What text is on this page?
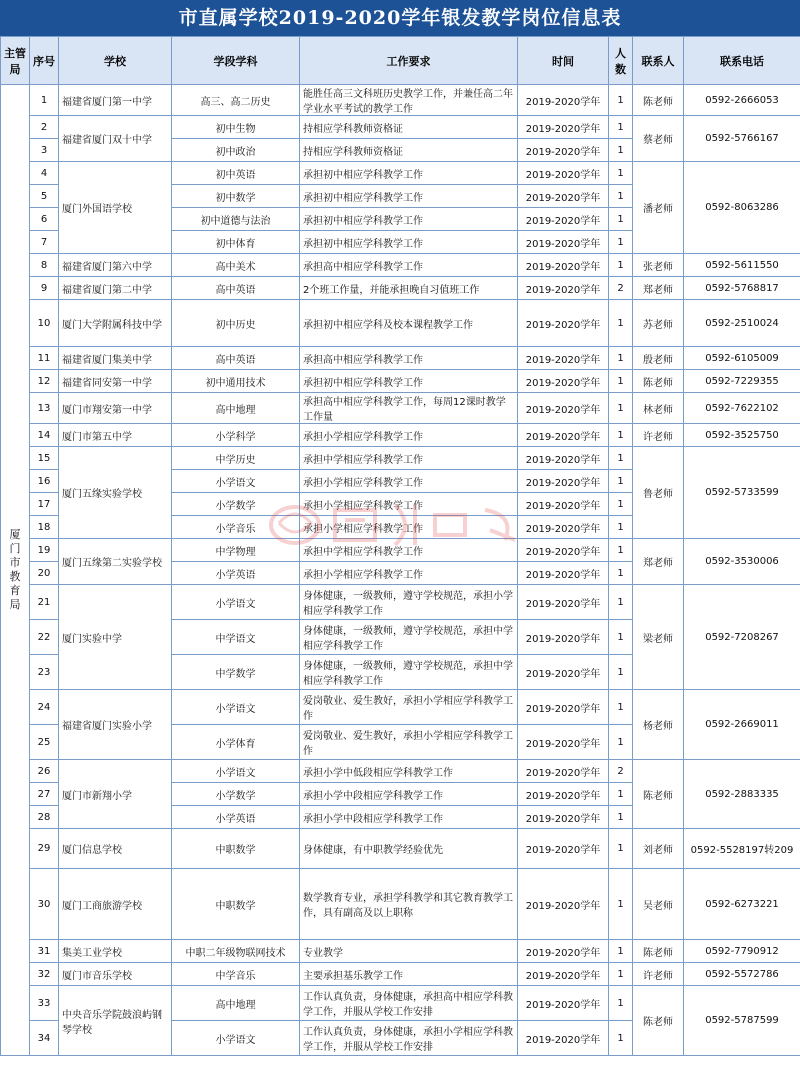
市直属学校2019-2020学年银发教学岗位信息表
主管局	序号	学校	学段学科	工作要求	时间	人数	联系人	联系电话
厦门市教育局	1	福建省厦门第一中学	高三、高二历史	能胜任高三文科班历史教学工作，并兼任高二年学业水平考试的教学工作	2019-2020学年	1	陈老师	0592-2666053
	2	福建省厦门双十中学	初中生物	持相应学科教师资格证	2019-2020学年	1	蔡老师	0592-5766167
	3		初中政治	持相应学科教师资格证	2019-2020学年	1		
	4	厦门外国语学校	初中英语	承担初中相应学科教学工作	2019-2020学年	1	潘老师	0592-8063286
	5		初中数学	承担初中相应学科教学工作	2019-2020学年	1		
	6		初中道德与法治	承担初中相应学科教学工作	2019-2020学年	1		
	7		初中体育	承担初中相应学科教学工作	2019-2020学年	1		
	8	福建省厦门第六中学	高中美术	承担高中相应学科教学工作	2019-2020学年	1	张老师	0592-5611550
	9	福建省厦门第二中学	高中英语	2个班工作量，并能承担晚自习值班工作	2019-2020学年	2	郑老师	0592-5768817
	10	厦门大学附属科技中学	初中历史	承担初中相应学科及校本课程教学工作	2019-2020学年	1	苏老师	0592-2510024
	11	福建省厦门集美中学	高中英语	承担高中相应学科教学工作	2019-2020学年	1	殷老师	0592-6105009
	12	福建省同安第一中学	初中通用技术	承担初中相应学科教学工作	2019-2020学年	1	陈老师	0592-7229355
	13	厦门市翔安第一中学	高中地理	承担高中相应学科教学工作，每周12课时教学工作量	2019-2020学年	1	林老师	0592-7622102
	14	厦门市第五中学	小学科学	承担小学相应学科教学工作	2019-2020学年	1	许老师	0592-3525750
	15	厦门五缘实验学校	中学历史	承担中学相应学科教学工作	2019-2020学年	1	鲁老师	0592-5733599
	16		小学语文	承担小学相应学科教学工作	2019-2020学年	1		
	17		小学数学	承担小学相应学科教学工作	2019-2020学年	1		
	18		小学音乐	承担小学相应学科教学工作	2019-2020学年	1		
	19	厦门五缘第二实验学校	中学物理	承担中学相应学科教学工作	2019-2020学年	1	郑老师	0592-3530006
	20		小学英语	承担小学相应学科教学工作	2019-2020学年	1		
	21	厦门实验中学	小学语文	身体健康，一级教师，遵守学校规范，承担小学相应学科教学工作	2019-2020学年	1	梁老师	0592-7208267
	22		中学语文	身体健康，一级教师，遵守学校规范，承担中学相应学科教学工作	2019-2020学年	1		
	23		中学数学	身体健康，一级教师，遵守学校规范，承担中学相应学科教学工作	2019-2020学年	1		
	24	福建省厦门实验小学	小学语文	爱岗敬业、爱生教好，承担小学相应学科教学工作	2019-2020学年	1	杨老师	0592-2669011
	25		小学体育	爱岗敬业、爱生教好，承担小学相应学科教学工作	2019-2020学年	1		
	26	厦门市新翔小学	小学语文	承担小学中低段相应学科教学工作	2019-2020学年	2	陈老师	0592-2883335
	27		小学数学	承担小学中段相应学科教学工作	2019-2020学年	1		
	28		小学英语	承担小学中段相应学科教学工作	2019-2020学年	1		
	29	厦门信息学校	中职数学	身体健康，有中职教学经验优先	2019-2020学年	1	刘老师	0592-5528197转209
	30	厦门工商旅游学校	中职数学	数学教育专业，承担学科教学和其它教育教学工作，具有副高及以上职称	2019-2020学年	1	吴老师	0592-6273221
	31	集美工业学校	中职二年级物联网技术	专业教学	2019-2020学年	1	陈老师	0592-7790912
	32	厦门市音乐学校	中学音乐	主要承担基乐教学工作	2019-2020学年	1	许老师	0592-5572786
	33	中央音乐学院鼓浪屿钢琴学校	高中地理	工作认真负责，身体健康，承担高中相应学科教学工作，并服从学校工作安排	2019-2020学年	1	陈老师	0592-5787599
	34		小学语文	工作认真负责，身体健康，承担小学相应学科教学工作，并服从学校工作安排	2019-2020学年	1		
